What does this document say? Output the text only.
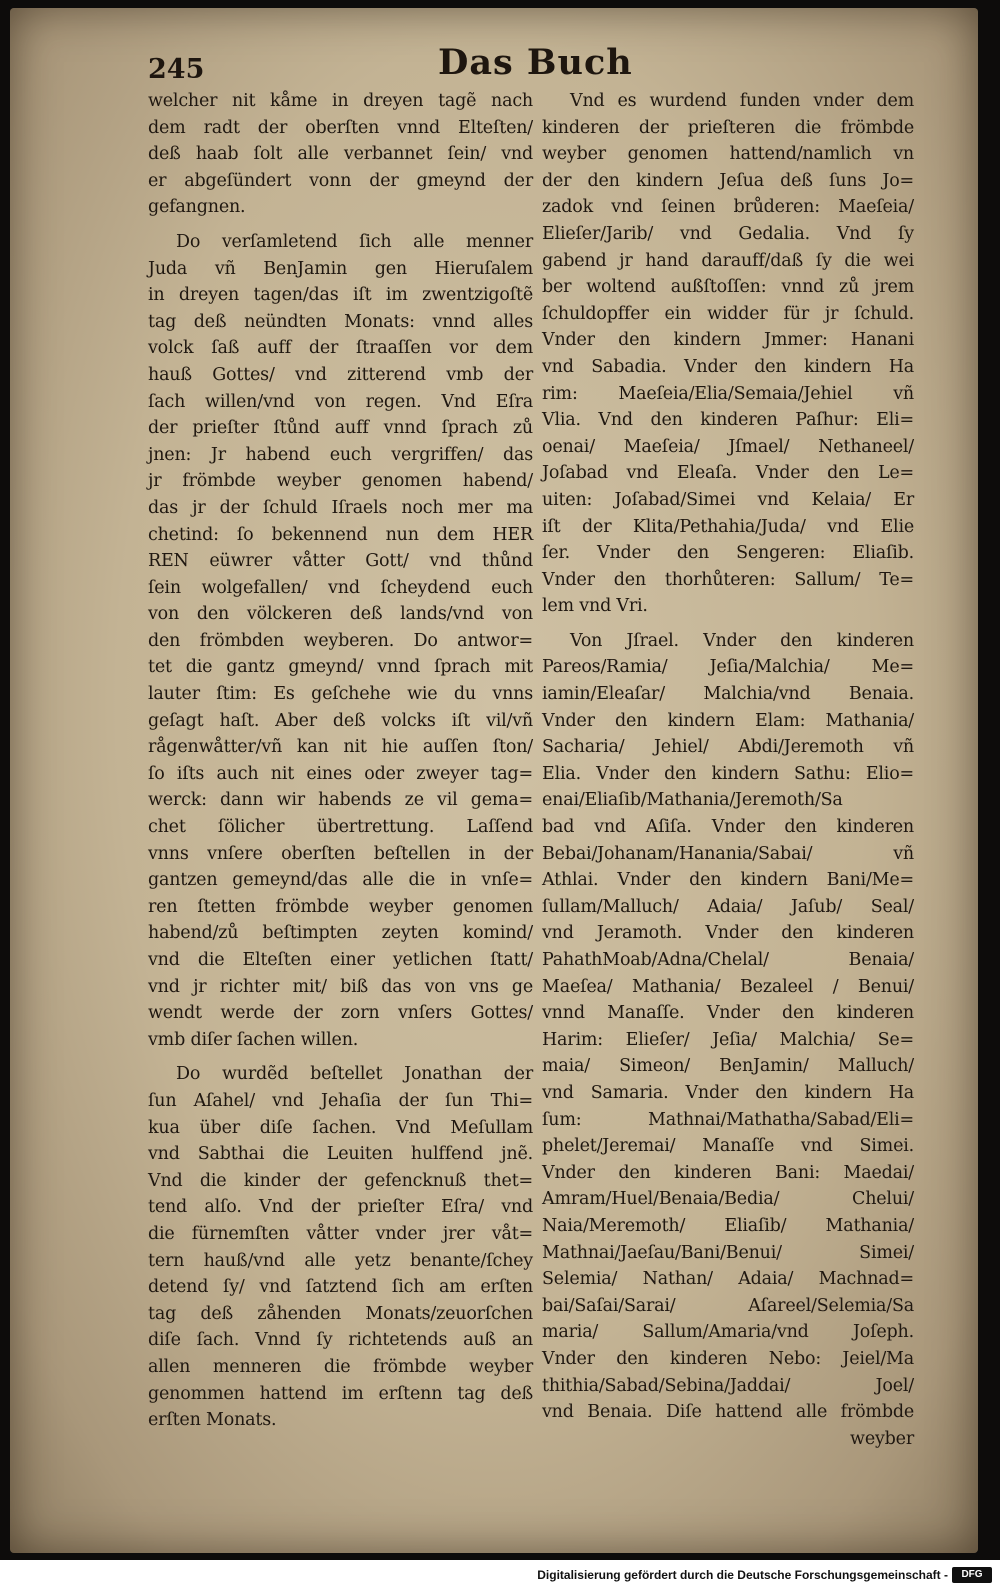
245	Das Buch
welcher nit kåme in dreyen tagẽ nach
dem radt der oberſten vnnd Elteſten/
deß haab ſolt alle verbannet ſein/ vnd
er abgeſündert vonn der gmeynd der
gefangnen.
Do verſamletend ſich alle menner
Juda vñ BenJamin gen Hieruſalem
in dreyen tagen/das iſt im zwentzigoſtẽ
tag deß neündten Monats: vnnd alles
volck ſaß auff der ſtraaſſen vor dem
hauß Gottes/ vnd zitterend vmb der
ſach willen/vnd von regen. Vnd Eſra
der prieſter ſtůnd auff vnnd ſprach zů
jnen: Jr habend euch vergriffen/ das
jr frömbde weyber genomen habend/
das jr der ſchuld Iſraels noch mer ma
chetind: ſo bekennend nun dem HER
REN eüwrer våtter Gott/ vnd thůnd
ſein wolgefallen/ vnd ſcheydend euch
von den völckeren deß lands/vnd von
den frömbden weyberen. Do antwor=
tet die gantz gmeynd/ vnnd ſprach mit
lauter ſtim: Es geſchehe wie du vnns
geſagt haſt. Aber deß volcks iſt vil/vñ
rågenwåtter/vñ kan nit hie auſſen ſton/
ſo iſts auch nit eines oder zweyer tag=
werck: dann wir habends ze vil gema=
chet ſölicher übertrettung. Laſſend
vnns vnſere oberſten beſtellen in der
gantzen gemeynd/das alle die in vnſe=
ren ſtetten frömbde weyber genomen
habend/zů beſtimpten zeyten komind/
vnd die Elteſten einer yetlichen ſtatt/
vnd jr richter mit/ biß das von vns ge
wendt werde der zorn vnſers Gottes/
vmb diſer ſachen willen.
Do wurdẽd beſtellet Jonathan der
ſun Aſahel/ vnd Jehaſia der ſun Thi=
kua über diſe ſachen. Vnd Meſullam
vnd Sabthai die Leuiten hulffend jnẽ.
Vnd die kinder der gefencknuß thet=
tend alſo. Vnd der prieſter Eſra/ vnd
die fürnemſten våtter vnder jrer våt=
tern hauß/vnd alle yetz benante/ſchey
detend ſy/ vnd ſatztend ſich am erſten
tag deß zåhenden Monats/zeuorſchen
diſe ſach. Vnnd ſy richtetends auß an
allen menneren die frömbde weyber
genommen hattend im erſtenn tag deß
erſten Monats.
Vnd es wurdend funden vnder dem
kinderen der prieſteren die frömbde
weyber genomen hattend/namlich vn
der den kindern Jeſua deß ſuns Jo=
zadok vnd ſeinen brůderen: Maeſeia/
Elieſer/Jarib/ vnd Gedalia. Vnd ſy
gabend jr hand darauff/daß ſy die wei
ber woltend außſtoſſen: vnnd zů jrem
ſchuldopffer ein widder für jr ſchuld.
Vnder den kindern Jmmer: Hanani
vnd Sabadia. Vnder den kindern Ha
rim: Maeſeia/Elia/Semaia/Jehiel vñ
Vlia. Vnd den kinderen Paſhur: Eli=
oenai/ Maeſeia/ Jſmael/ Nethaneel/
Joſabad vnd Eleaſa. Vnder den Le=
uiten: Joſabad/Simei vnd Kelaia/ Er
iſt der Klita/Pethahia/Juda/ vnd Elie
ſer. Vnder den Sengeren: Eliaſib.
Vnder den thorhůteren: Sallum/ Te=
lem vnd Vri.
Von Jſrael. Vnder den kinderen
Pareos/Ramia/ Jeſia/Malchia/ Me=
iamin/Eleaſar/ Malchia/vnd Benaia.
Vnder den kindern Elam: Mathania/
Sacharia/ Jehiel/ Abdi/Jeremoth vñ
Elia. Vnder den kindern Sathu: Elio=
enai/Eliaſib/Mathania/Jeremoth/Sa
bad vnd Aſiſa. Vnder den kinderen
Bebai/Johanam/Hanania/Sabai/ vñ
Athlai. Vnder den kindern Bani/Me=
ſullam/Malluch/ Adaia/ Jaſub/ Seal/
vnd Jeramoth. Vnder den kinderen
PahathMoab/Adna/Chelal/ Benaia/
Maeſea/ Mathania/ Bezaleel / Benui/
vnnd Manaſſe. Vnder den kinderen
Harim: Elieſer/ Jeſia/ Malchia/ Se=
maia/ Simeon/ BenJamin/ Malluch/
vnd Samaria. Vnder den kindern Ha
ſum: Mathnai/Mathatha/Sabad/Eli=
phelet/Jeremai/ Manaſſe vnd Simei.
Vnder den kinderen Bani: Maedai/
Amram/Huel/Benaia/Bedia/ Chelui/
Naia/Meremoth/ Eliaſib/ Mathania/
Mathnai/Jaeſau/Bani/Benui/ Simei/
Selemia/ Nathan/ Adaia/ Machnad=
bai/Saſai/Sarai/ Aſareel/Selemia/Sa
maria/ Sallum/Amaria/vnd Joſeph.
Vnder den kinderen Nebo: Jeiel/Ma
thithia/Sabad/Sebina/Jaddai/ Joel/
vnd Benaia. Diſe hattend alle frömbde
weyber
Digitalisierung gefördert durch die Deutsche Forschungsgemeinschaft -	DFG
